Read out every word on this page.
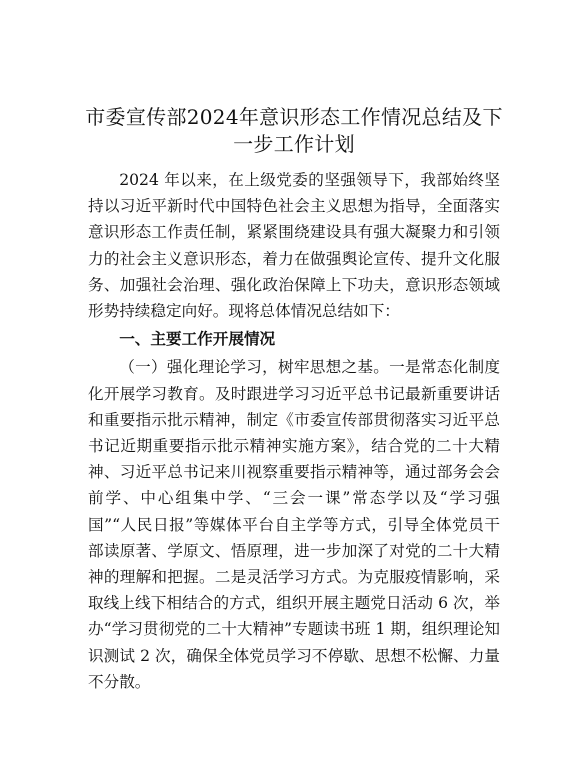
市委宣传部2024年意识形态工作情况总结及下一步工作计划

2024 年以来，在上级党委的坚强领导下，我部始终坚持以习近平新时代中国特色社会主义思想为指导，全面落实意识形态工作责任制，紧紧围绕建设具有强大凝聚力和引领力的社会主义意识形态，着力在做强舆论宣传、提升文化服务、加强社会治理、强化政治保障上下功夫，意识形态领域形势持续稳定向好。现将总体情况总结如下：

一、主要工作开展情况

（一）强化理论学习，树牢思想之基。一是常态化制度化开展学习教育。及时跟进学习习近平总书记最新重要讲话和重要指示批示精神，制定《市委宣传部贯彻落实习近平总书记近期重要指示批示精神实施方案》，结合党的二十大精神、习近平总书记来川视察重要指示精神等，通过部务会会前学、中心组集中学、“三会一课”常态学以及“学习强国”“人民日报”等媒体平台自主学等方式，引导全体党员干部读原著、学原文、悟原理，进一步加深了对党的二十大精神的理解和把握。二是灵活学习方式。为克服疫情影响，采取线上线下相结合的方式，组织开展主题党日活动 6 次，举办“学习贯彻党的二十大精神”专题读书班 1 期，组织理论知识测试 2 次，确保全体党员学习不停歇、思想不松懈、力量不分散。
